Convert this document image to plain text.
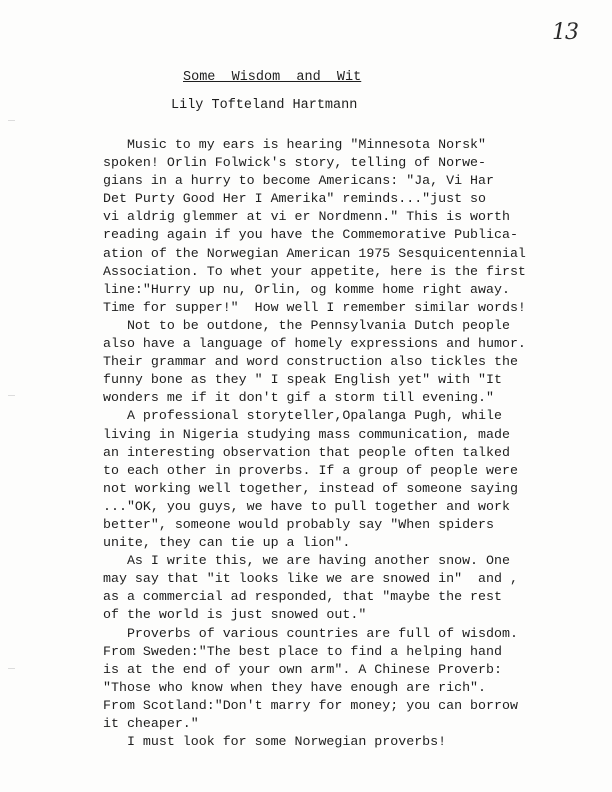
13
Some  Wisdom  and  Wit
Lily Tofteland Hartmann
Music to my ears is hearing "Minnesota Norsk"
spoken! Orlin Folwick's story, telling of Norwe-
gians in a hurry to become Americans: "Ja, Vi Har
Det Purty Good Her I Amerika" reminds..."just so
vi aldrig glemmer at vi er Nordmenn." This is worth
reading again if you have the Commemorative Publica-
ation of the Norwegian American 1975 Sesquicentennial
Association. To whet your appetite, here is the first
line:"Hurry up nu, Orlin, og komme home right away.
Time for supper!"  How well I remember similar words!
Not to be outdone, the Pennsylvania Dutch people
also have a language of homely expressions and humor.
Their grammar and word construction also tickles the
funny bone as they " I speak English yet" with "It
wonders me if it don't gif a storm till evening."
A professional storyteller,Opalanga Pugh, while
living in Nigeria studying mass communication, made
an interesting observation that people often talked
to each other in proverbs. If a group of people were
not working well together, instead of someone saying
..."OK, you guys, we have to pull together and work
better", someone would probably say "When spiders
unite, they can tie up a lion".
As I write this, we are having another snow. One
may say that "it looks like we are snowed in"  and ,
as a commercial ad responded, that "maybe the rest
of the world is just snowed out."
Proverbs of various countries are full of wisdom.
From Sweden:"The best place to find a helping hand
is at the end of your own arm". A Chinese Proverb:
"Those who know when they have enough are rich".
From Scotland:"Don't marry for money; you can borrow
it cheaper."
I must look for some Norwegian proverbs!
